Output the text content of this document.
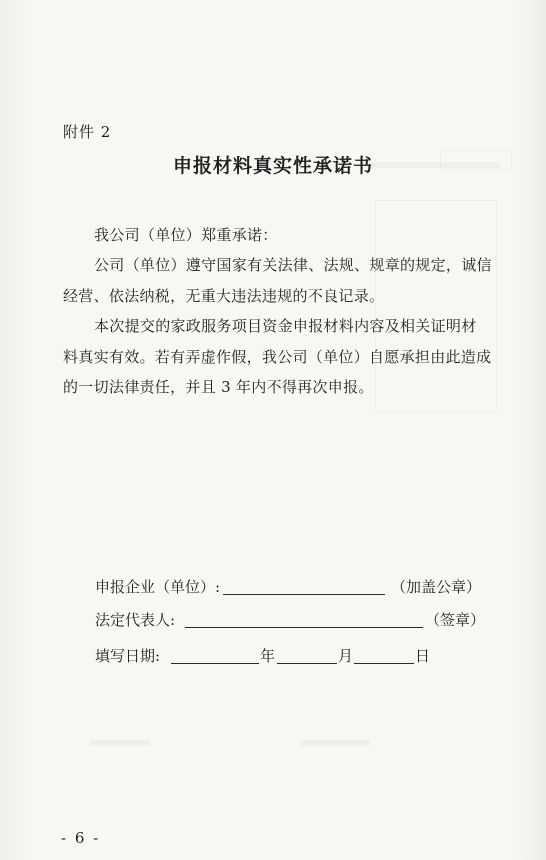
附件 2
申报材料真实性承诺书
我公司（单位）郑重承诺：
公司（单位）遵守国家有关法律、法规、规章的规定，诚信
经营、依法纳税，无重大违法违规的不良记录。
本次提交的家政服务项目资金申报材料内容及相关证明材
料真实有效。若有弄虚作假，我公司（单位）自愿承担由此造成
的一切法律责任，并且 3 年内不得再次申报。
申报企业（单位）:	（加盖公章）
法定代表人:	（签章）
填写日期:	年	月	日
- 6 -
